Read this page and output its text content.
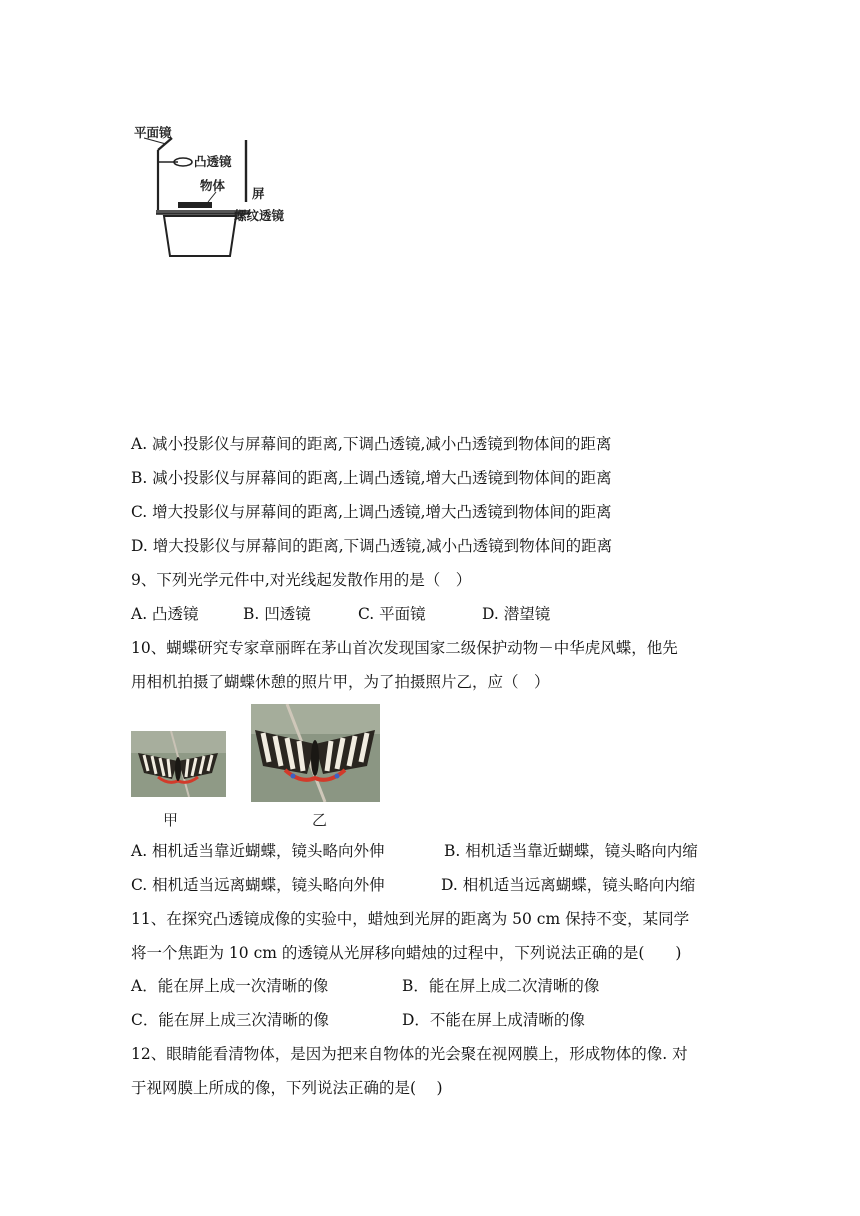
平面镜
凸透镜
物体
屏
螺纹透镜
A. 减小投影仪与屏幕间的距离,下调凸透镜,减小凸透镜到物体间的距离
B. 减小投影仪与屏幕间的距离,上调凸透镜,增大凸透镜到物体间的距离
C. 增大投影仪与屏幕间的距离,上调凸透镜,增大凸透镜到物体间的距离
D. 增大投影仪与屏幕间的距离,下调凸透镜,减小凸透镜到物体间的距离
9、下列光学元件中,对光线起发散作用的是（　）
A. 凸透镜	B. 凹透镜	C. 平面镜	D. 潜望镜
10、蝴蝶研究专家章丽晖在茅山首次发现国家二级保护动物－中华虎风蝶，他先
用相机拍摄了蝴蝶休憩的照片甲，为了拍摄照片乙，应（　）
甲	乙
A. 相机适当靠近蝴蝶，镜头略向外伸	B. 相机适当靠近蝴蝶，镜头略向内缩
C. 相机适当远离蝴蝶，镜头略向外伸	D. 相机适当远离蝴蝶，镜头略向内缩
11、在探究凸透镜成像的实验中，蜡烛到光屏的距离为 50 cm 保持不变，某同学
将一个焦距为 10 cm 的透镜从光屏移向蜡烛的过程中，下列说法正确的是(　　)
A．能在屏上成一次清晰的像	B．能在屏上成二次清晰的像
C．能在屏上成三次清晰的像	D．不能在屏上成清晰的像
12、眼睛能看清物体，是因为把来自物体的光会聚在视网膜上，形成物体的像. 对
于视网膜上所成的像，下列说法正确的是(　 )
